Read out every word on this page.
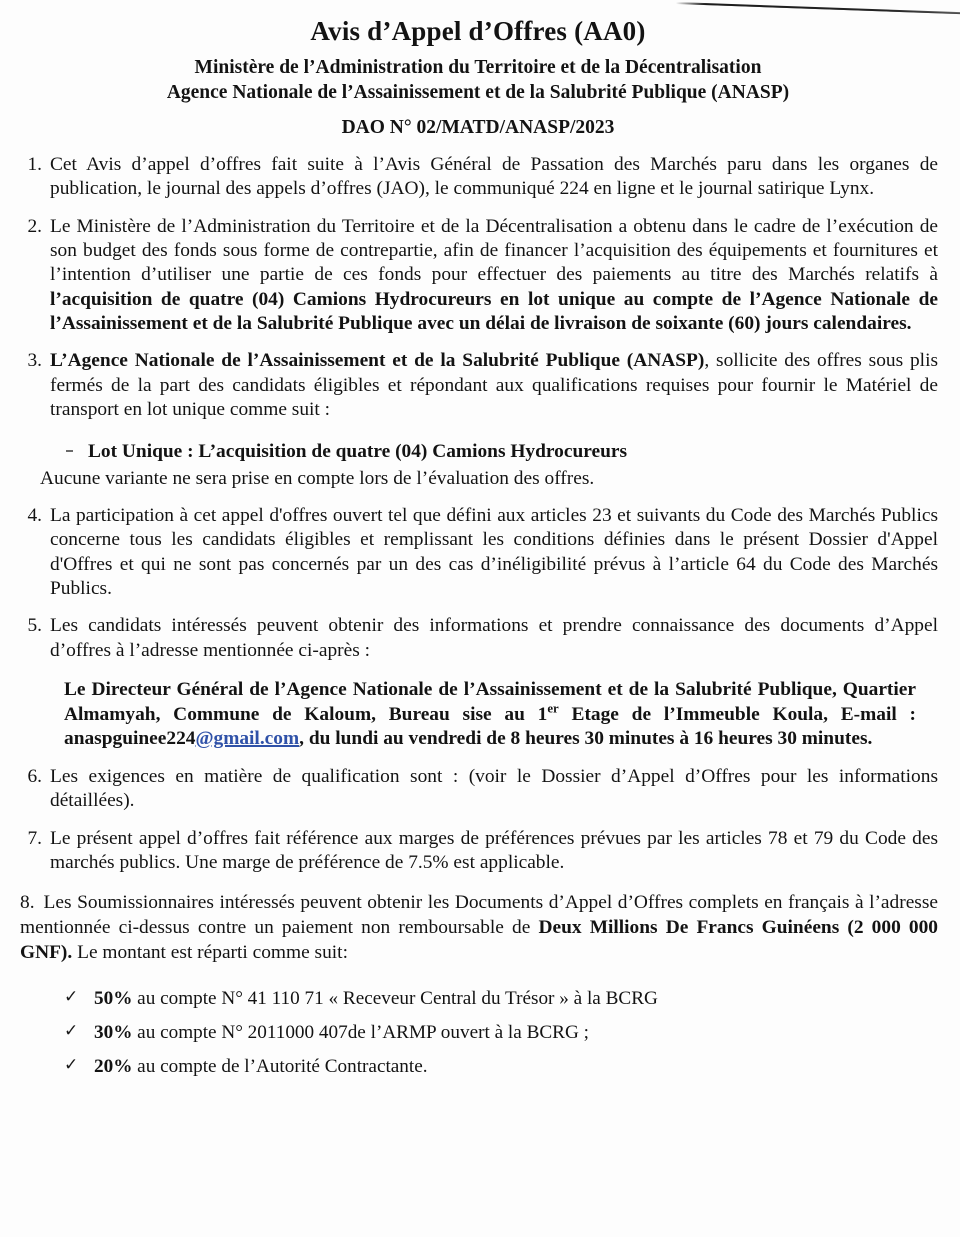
Avis d’Appel d’Offres (AA0)
Ministère de l’Administration du Territoire et de la Décentralisation
Agence Nationale de l’Assainissement et de la Salubrité Publique (ANASP)
DAO N° 02/MATD/ANASP/2023
1. Cet Avis d’appel d’offres fait suite à l’Avis Général de Passation des Marchés paru dans les organes de publication, le journal des appels d’offres (JAO), le communiqué 224 en ligne et le journal satirique Lynx.
2. Le Ministère de l’Administration du Territoire et de la Décentralisation a obtenu dans le cadre de l’exécution de son budget des fonds sous forme de contrepartie, afin de financer l’acquisition des équipements et fournitures et l’intention d’utiliser une partie de ces fonds pour effectuer des paiements au titre des Marchés relatifs à l’acquisition de quatre (04) Camions Hydrocureurs en lot unique au compte de l’Agence Nationale de l’Assainissement et de la Salubrité Publique avec un délai de livraison de soixante (60) jours calendaires.
3. L’Agence Nationale de l’Assainissement et de la Salubrité Publique (ANASP), sollicite des offres sous plis fermés de la part des candidats éligibles et répondant aux qualifications requises pour fournir le Matériel de transport en lot unique comme suit :
Lot Unique : L’acquisition de quatre (04) Camions Hydrocureurs
Aucune variante ne sera prise en compte lors de l’évaluation des offres.
4. La participation à cet appel d'offres ouvert tel que défini aux articles 23 et suivants du Code des Marchés Publics concerne tous les candidats éligibles et remplissant les conditions définies dans le présent Dossier d'Appel d'Offres et qui ne sont pas concernés par un des cas d’inéligibilité prévus à l’article 64 du Code des Marchés Publics.
5. Les candidats intéressés peuvent obtenir des informations et prendre connaissance des documents d’Appel d’offres à l’adresse mentionnée ci-après :
Le Directeur Général de l’Agence Nationale de l’Assainissement et de la Salubrité Publique, Quartier Almamyah, Commune de Kaloum, Bureau sise au 1er Etage de l’Immeuble Koula, E-mail : anaspguinee224@gmail.com, du lundi au vendredi de 8 heures 30 minutes à 16 heures 30 minutes.
6. Les exigences en matière de qualification sont : (voir le Dossier d’Appel d’Offres pour les informations détaillées).
7. Le présent appel d’offres fait référence aux marges de préférences prévues par les articles 78 et 79 du Code des marchés publics. Une marge de préférence de 7.5% est applicable.
8. Les Soumissionnaires intéressés peuvent obtenir les Documents d’Appel d’Offres complets en français à l’adresse mentionnée ci-dessus contre un paiement non remboursable de Deux Millions De Francs Guinéens (2 000 000 GNF). Le montant est réparti comme suit:
✓ 50% au compte N° 41 110 71 « Receveur Central du Trésor » à la BCRG
✓ 30% au compte N° 2011000 407de l’ARMP ouvert à la BCRG ;
✓ 20% au compte de l’Autorité Contractante.
